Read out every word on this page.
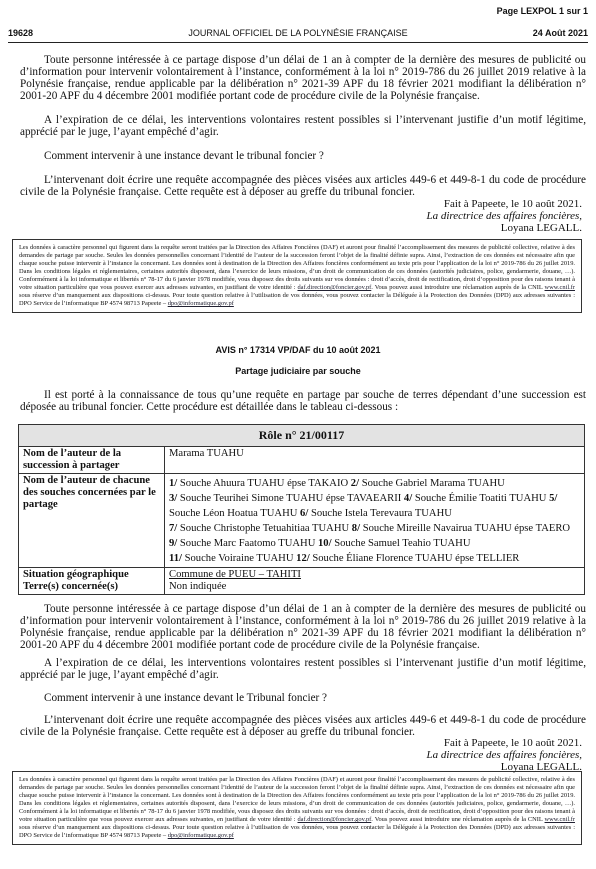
Page LEXPOL 1 sur 1
19628	JOURNAL OFFICIEL DE LA POLYNÉSIE FRANÇAISE	24 Août 2021

Toute personne intéressée à ce partage dispose d’un délai de 1 an à compter de la dernière des mesures de publicité ou d’information pour intervenir volontairement à l’instance, conformément à la loi n° 2019-786 du 26 juillet 2019 relative à la Polynésie française, rendue applicable par la délibération n° 2021-39 APF du 18 février 2021 modifiant la délibération n° 2001-20 APF du 4 décembre 2001 modifiée portant code de procédure civile de la Polynésie française.

A l’expiration de ce délai, les interventions volontaires restent possibles si l’intervenant justifie d’un motif légitime, apprécié par le juge, l’ayant empêché d’agir.

Comment intervenir à une instance devant le tribunal foncier ?

L’intervenant doit écrire une requête accompagnée des pièces visées aux articles 449-6 et 449-8-1 du code de procédure civile de la Polynésie française. Cette requête est à déposer au greffe du tribunal foncier.

Fait à Papeete, le 10 août 2021.
La directrice des affaires foncières,
Loyana LEGALL.
Les données à caractère personnel qui figurent dans la requête seront traitées par la Direction des Affaires Foncières (DAF) et auront pour finalité l’accomplissement des mesures de publicité collective, relative à des demandes de partage par souche. Seules les données personnelles concernant l’identité de l’auteur de la succession feront l’objet de la finalité définie supra. Ainsi, l’extraction de ces données est nécessaire afin que chaque souche puisse intervenir à l’instance la concernant. Les données sont à destination de la Direction des Affaires foncières conformément au texte pris pour l’application de la loi n° 2019-786 du 26 juillet 2019. Dans les conditions légales et réglementaires, certaines autorités disposent, dans l’exercice de leurs missions, d’un droit de communication de ces données (autorités judiciaires, police, gendarmerie, douane, …). Conformément à la loi informatique et libertés n° 78-17 du 6 janvier 1978 modifiée, vous disposez des droits suivants sur vos données : droit d’accès, droit de rectification, droit d’opposition pour des raisons tenant à votre situation particulière que vous pouvez exercer aux adresses suivantes, en justifiant de votre identité : daf.direction@foncier.gov.pf. Vous pouvez aussi introduire une réclamation auprès de la CNIL www.cnil.fr sous réserve d’un manquement aux dispositions ci-dessus. Pour toute question relative à l’utilisation de vos données, vous pouvez contacter la Déléguée à la Protection des Données (DPD) aux adresses suivantes : DPO Service de l’informatique BP 4574 98713 Papeete – dpo@informatique.gov.pf
AVIS n° 17314 VP/DAF du 10 août 2021
Partage judiciaire par souche

Il est porté à la connaissance de tous qu’une requête en partage par souche de terres dépendant d’une succession est déposée au tribunal foncier. Cette procédure est détaillée dans le tableau ci-dessous :

Rôle n° 21/00117	
Nom de l’auteur de la succession à partager	Marama TUAHU
Nom de l’auteur de chacune des souches concernées par le partage	1/ Souche Ahuura TUAHU épse TAKAIO 2/ Souche Gabriel Marama TUAHU
3/ Souche Teurihei Simone TUAHU épse TAVAEARII 4/ Souche Émilie Toatiti TUAHU 5/ Souche Léon Hoatua TUAHU 6/ Souche Istela Terevaura TUAHU
7/ Souche Christophe Tetuahitiaa TUAHU 8/ Souche Mireille Navairua TUAHU épse TAERO 9/ Souche Marc Faatomo TUAHU 10/ Souche Samuel Teahio TUAHU
11/ Souche Voiraine TUAHU 12/ Souche Éliane Florence TUAHU épse TELLIER
Situation géographique Terre(s) concernée(s)	Commune de PUEU – TAHITI
Non indiquée

Toute personne intéressée à ce partage dispose d’un délai de 1 an à compter de la dernière des mesures de publicité ou d’information pour intervenir volontairement à l’instance, conformément à la loi n° 2019-786 du 26 juillet 2019 relative à la Polynésie française, rendue applicable par la délibération n° 2021-39 APF du 18 février 2021 modifiant la délibération n° 2001-20 APF du 4 décembre 2001 modifiée portant code de procédure civile de la Polynésie française.

A l’expiration de ce délai, les interventions volontaires restent possibles si l’intervenant justifie d’un motif légitime, apprécié par le juge, l’ayant empêché d’agir.

Comment intervenir à une instance devant le Tribunal foncier ?

L’intervenant doit écrire une requête accompagnée des pièces visées aux articles 449-6 et 449-8-1 du code de procédure civile de la Polynésie française. Cette requête est à déposer au greffe du tribunal foncier.

Fait à Papeete, le 10 août 2021.
La directrice des affaires foncières,
Loyana LEGALL.
Les données à caractère personnel qui figurent dans la requête seront traitées par la Direction des Affaires Foncières (DAF) et auront pour finalité l’accomplissement des mesures de publicité collective, relative à des demandes de partage par souche. Seules les données personnelles concernant l’identité de l’auteur de la succession feront l’objet de la finalité définie supra. Ainsi, l’extraction de ces données est nécessaire afin que chaque souche puisse intervenir à l’instance la concernant. Les données sont à destination de la Direction des Affaires foncières conformément au texte pris pour l’application de la loi n° 2019-786 du 26 juillet 2019. Dans les conditions légales et réglementaires, certaines autorités disposent, dans l’exercice de leurs missions, d’un droit de communication de ces données (autorités judiciaires, police, gendarmerie, douane, …). Conformément à la loi informatique et libertés n° 78-17 du 6 janvier 1978 modifiée, vous disposez des droits suivants sur vos données : droit d’accès, droit de rectification, droit d’opposition pour des raisons tenant à votre situation particulière que vous pouvez exercer aux adresses suivantes, en justifiant de votre identité : daf.direction@foncier.gov.pf. Vous pouvez aussi introduire une réclamation auprès de la CNIL www.cnil.fr sous réserve d’un manquement aux dispositions ci-dessus. Pour toute question relative à l’utilisation de vos données, vous pouvez contacter la Déléguée à la Protection des Données (DPD) aux adresses suivantes : DPO Service de l’informatique BP 4574 98713 Papeete – dpo@informatique.gov.pf
